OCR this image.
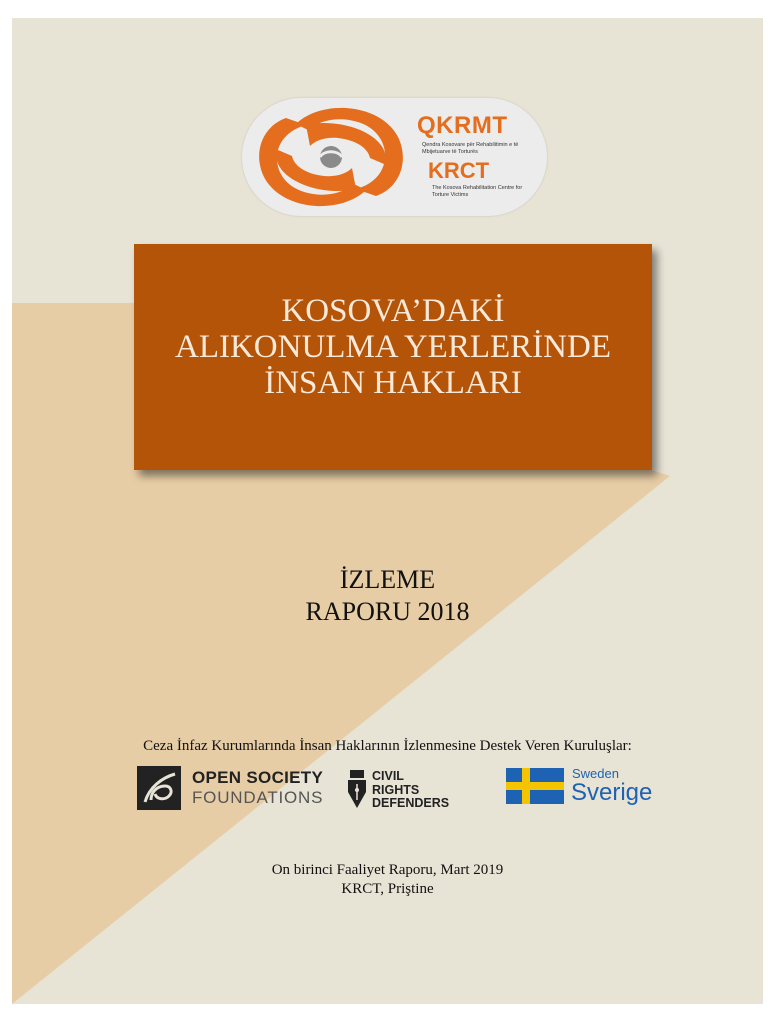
QKRMT
Qendra Kosovare për Rehabilitimin e të Mbijetuarve të Torturës
KRCT
The Kosova Rehabilitation Centre for Torture Victims
KOSOVA’DAKİ
ALIKONULMA YERLERİNDE
İNSAN HAKLARI
İZLEME
RAPORU 2018
Ceza İnfaz Kurumlarında İnsan Haklarının İzlenmesine Destek Veren Kuruluşlar:
OPEN SOCIETY
FOUNDATIONS
CIVIL
RIGHTS
DEFENDERS
Sweden
Sverige
On birinci Faaliyet Raporu, Mart 2019
KRCT, Priştine
